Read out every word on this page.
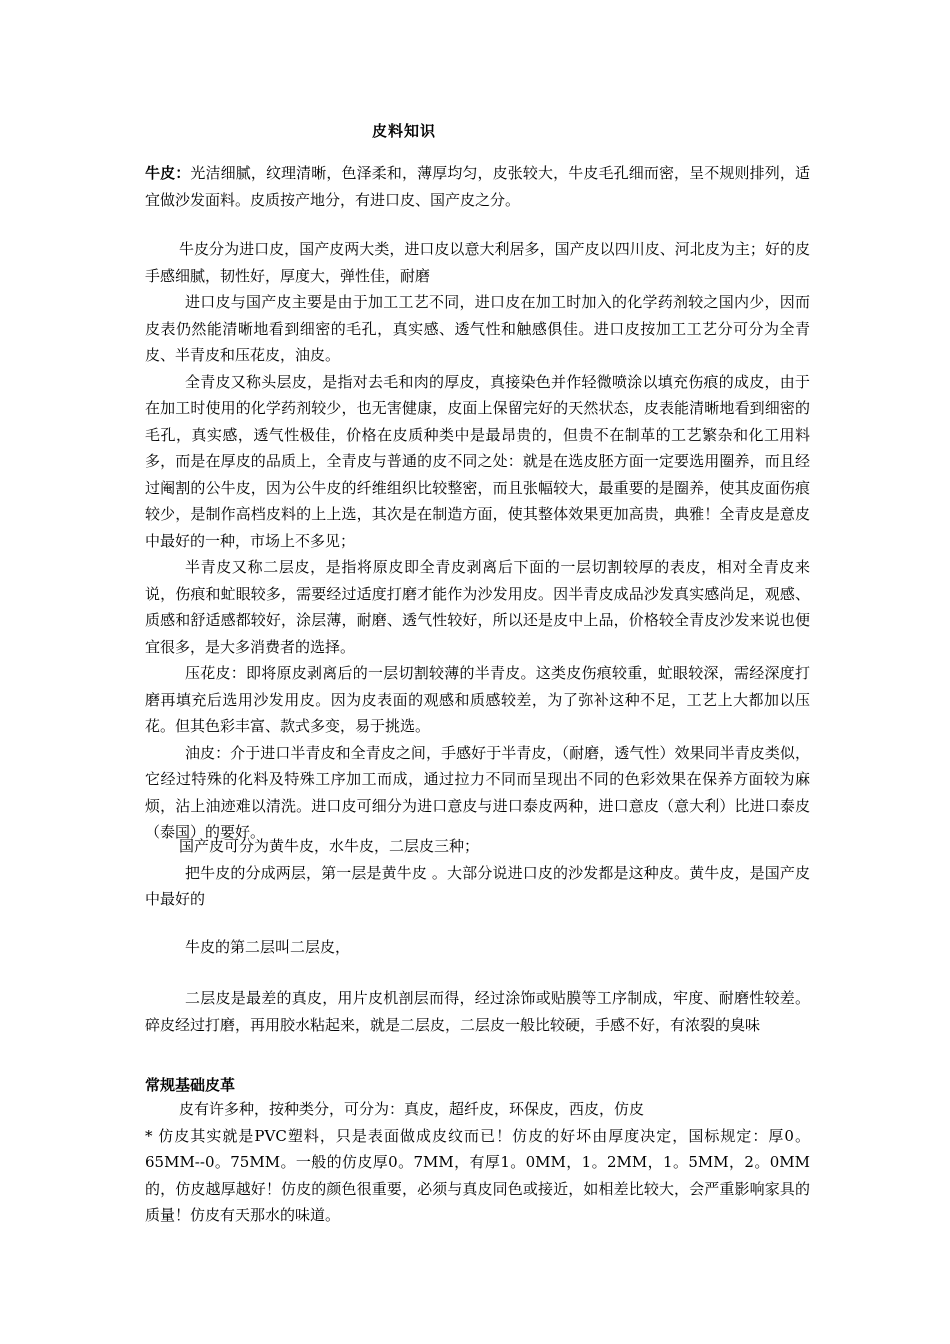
皮料知识

牛皮：光洁细腻，纹理清晰，色泽柔和，薄厚均匀，皮张较大，牛皮毛孔细而密，呈不规则排列，适宜做沙发面料。皮质按产地分，有进口皮、国产皮之分。

牛皮分为进口皮，国产皮两大类，进口皮以意大利居多，国产皮以四川皮、河北皮为主；好的皮手感细腻，韧性好，厚度大，弹性佳，耐磨

进口皮与国产皮主要是由于加工工艺不同，进口皮在加工时加入的化学药剂较之国内少，因而皮表仍然能清晰地看到细密的毛孔，真实感、透气性和触感俱佳。进口皮按加工工艺分可分为全青皮、半青皮和压花皮，油皮。

全青皮又称头层皮，是指对去毛和肉的厚皮，真接染色并作轻微喷涂以填充伤痕的成皮，由于在加工时使用的化学药剂较少，也无害健康，皮面上保留完好的天然状态，皮表能清晰地看到细密的毛孔，真实感，透气性极佳，价格在皮质种类中是最昂贵的，但贵不在制革的工艺繁杂和化工用料多，而是在厚皮的品质上，全青皮与普通的皮不同之处：就是在选皮胚方面一定要选用圈养，而且经过阉割的公牛皮，因为公牛皮的纤维组织比较整密，而且张幅较大，最重要的是圈养，使其皮面伤痕较少，是制作高档皮料的上上选，其次是在制造方面，使其整体效果更加高贵，典雅！全青皮是意皮中最好的一种，市场上不多见；

半青皮又称二层皮，是指将原皮即全青皮剥离后下面的一层切割较厚的表皮，相对全青皮来说，伤痕和虻眼较多，需要经过适度打磨才能作为沙发用皮。因半青皮成品沙发真实感尚足，观感、质感和舒适感都较好，涂层薄，耐磨、透气性较好，所以还是皮中上品，价格较全青皮沙发来说也便宜很多，是大多消费者的选择。

压花皮：即将原皮剥离后的一层切割较薄的半青皮。这类皮伤痕较重，虻眼较深，需经深度打磨再填充后选用沙发用皮。因为皮表面的观感和质感较差，为了弥补这种不足，工艺上大都加以压花。但其色彩丰富、款式多变，易于挑选。

油皮：介于进口半青皮和全青皮之间，手感好于半青皮，（耐磨，透气性）效果同半青皮类似，它经过特殊的化料及特殊工序加工而成，通过拉力不同而呈现出不同的色彩效果在保养方面较为麻烦，沾上油迹难以清洗。进口皮可细分为进口意皮与进口泰皮两种，进口意皮（意大利）比进口泰皮（泰国）的要好。

国产皮可分为黄牛皮，水牛皮，二层皮三种；

把牛皮的分成两层，第一层是黄牛皮 。大部分说进口皮的沙发都是这种皮。黄牛皮，是国产皮中最好的

牛皮的第二层叫二层皮，

二层皮是最差的真皮，用片皮机剖层而得，经过涂饰或贴膜等工序制成，牢度、耐磨性较差。碎皮经过打磨，再用胶水粘起来，就是二层皮，二层皮一般比较硬，手感不好，有浓裂的臭味

常规基础皮革

皮有许多种，按种类分，可分为：真皮，超纤皮，环保皮，西皮，仿皮

* 仿皮其实就是PVC塑料，只是表面做成皮纹而已！仿皮的好坏由厚度决定，国标规定：厚0。65MM--0。75MM。一般的仿皮厚0。7MM，有厚1。0MM，1。2MM，1。5MM，2。0MM的，仿皮越厚越好！仿皮的颜色很重要，必须与真皮同色或接近，如相差比较大，会严重影响家具的质量！仿皮有天那水的味道。
